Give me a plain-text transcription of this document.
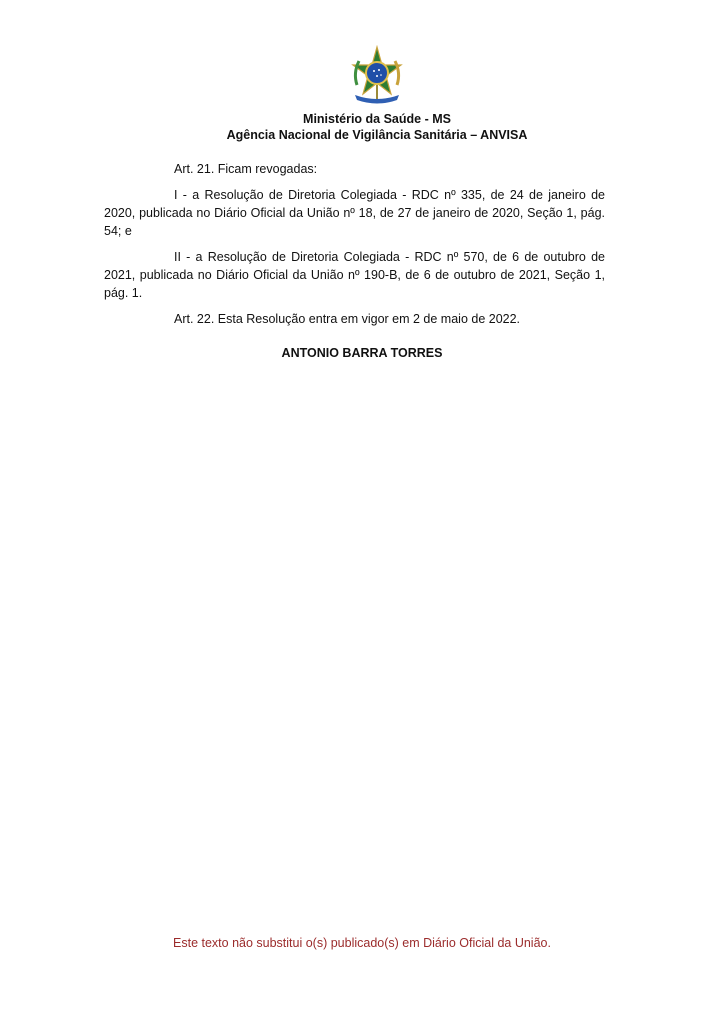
Ministério da Saúde - MS
Agência Nacional de Vigilância Sanitária – ANVISA

Art. 21. Ficam revogadas:

I - a Resolução de Diretoria Colegiada - RDC nº 335, de 24 de janeiro de 2020, publicada no Diário Oficial da União nº 18, de 27 de janeiro de 2020, Seção 1, pág. 54; e

II - a Resolução de Diretoria Colegiada - RDC nº 570, de 6 de outubro de 2021, publicada no Diário Oficial da União nº 190-B, de 6 de outubro de 2021, Seção 1, pág. 1.

Art. 22. Esta Resolução entra em vigor em 2 de maio de 2022.

ANTONIO BARRA TORRES
Este texto não substitui o(s) publicado(s) em Diário Oficial da União.
